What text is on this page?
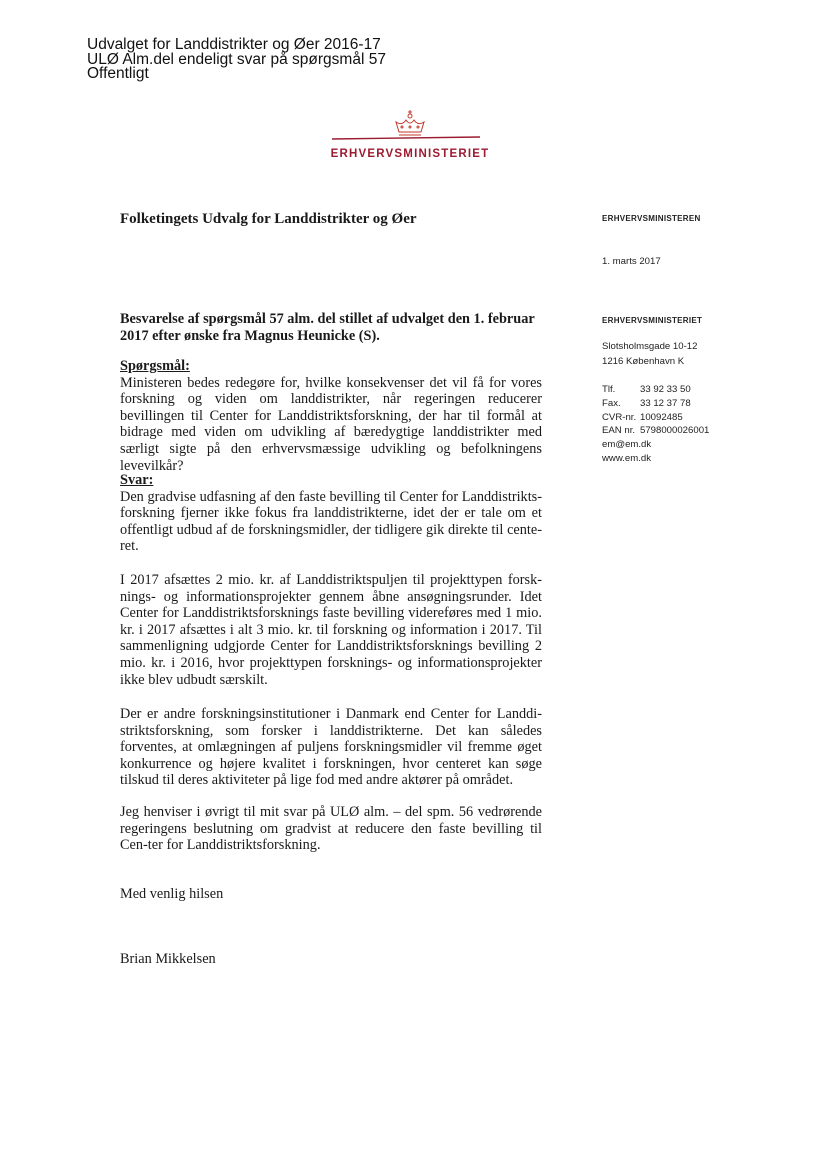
Udvalget for Landdistrikter og Øer 2016-17
ULØ Alm.del endeligt svar på spørgsmål 57
Offentligt
ERHVERVSMINISTERIET
Folketingets Udvalg for Landdistrikter og Øer	ERHVERVSMINISTEREN
1. marts 2017
ERHVERVSMINISTERIET
Slotsholmsgade 10-12
1216 København K
Tlf.	33 92 33 50
Fax. 33 12 37 78
CVR-nr. 10092485
EAN nr. 5798000026001
em@em.dk
www.em.dk
Besvarelse af spørgsmål 57 alm. del stillet af udvalget den 1. februar
2017 efter ønske fra Magnus Heunicke (S).
Spørgsmål:

Ministeren bedes redegøre for, hvilke konsekvenser det vil få for vores forskning og viden om landdistrikter, når regeringen reducerer bevillingen til Center for Landdistriktsforskning, der har til formål at bidrage med viden om udvikling af bæredygtige landdistrikter med særligt sigte på den erhvervsmæssige udvikling og befolkningens levevilkår?

Svar:

Den gradvise udfasning af den faste bevilling til Center for Landdistrikts-forskning fjerner ikke fokus fra landdistrikterne, idet der er tale om et offentligt udbud af de forskningsmidler, der tidligere gik direkte til cente-ret.

I 2017 afsættes 2 mio. kr. af Landdistriktspuljen til projekttypen forsk-nings- og informationsprojekter gennem åbne ansøgningsrunder. Idet Center for Landdistriktsforsknings faste bevilling videreføres med 1 mio. kr. i 2017 afsættes i alt 3 mio. kr. til forskning og information i 2017. Til sammenligning udgjorde Center for Landdistriktsforsknings bevilling 2 mio. kr. i 2016, hvor projekttypen forsknings- og informationsprojekter ikke blev udbudt særskilt.

Der er andre forskningsinstitutioner i Danmark end Center for Landdi-striktsforskning, som forsker i landdistrikterne. Det kan således forventes, at omlægningen af puljens forskningsmidler vil fremme øget konkurrence og højere kvalitet i forskningen, hvor centeret kan søge tilskud til deres aktiviteter på lige fod med andre aktører på området.

Jeg henviser i øvrigt til mit svar på ULØ alm. – del spm. 56 vedrørende regeringens beslutning om gradvist at reducere den faste bevilling til Cen-ter for Landdistriktsforskning.

Med venlig hilsen
Brian Mikkelsen
